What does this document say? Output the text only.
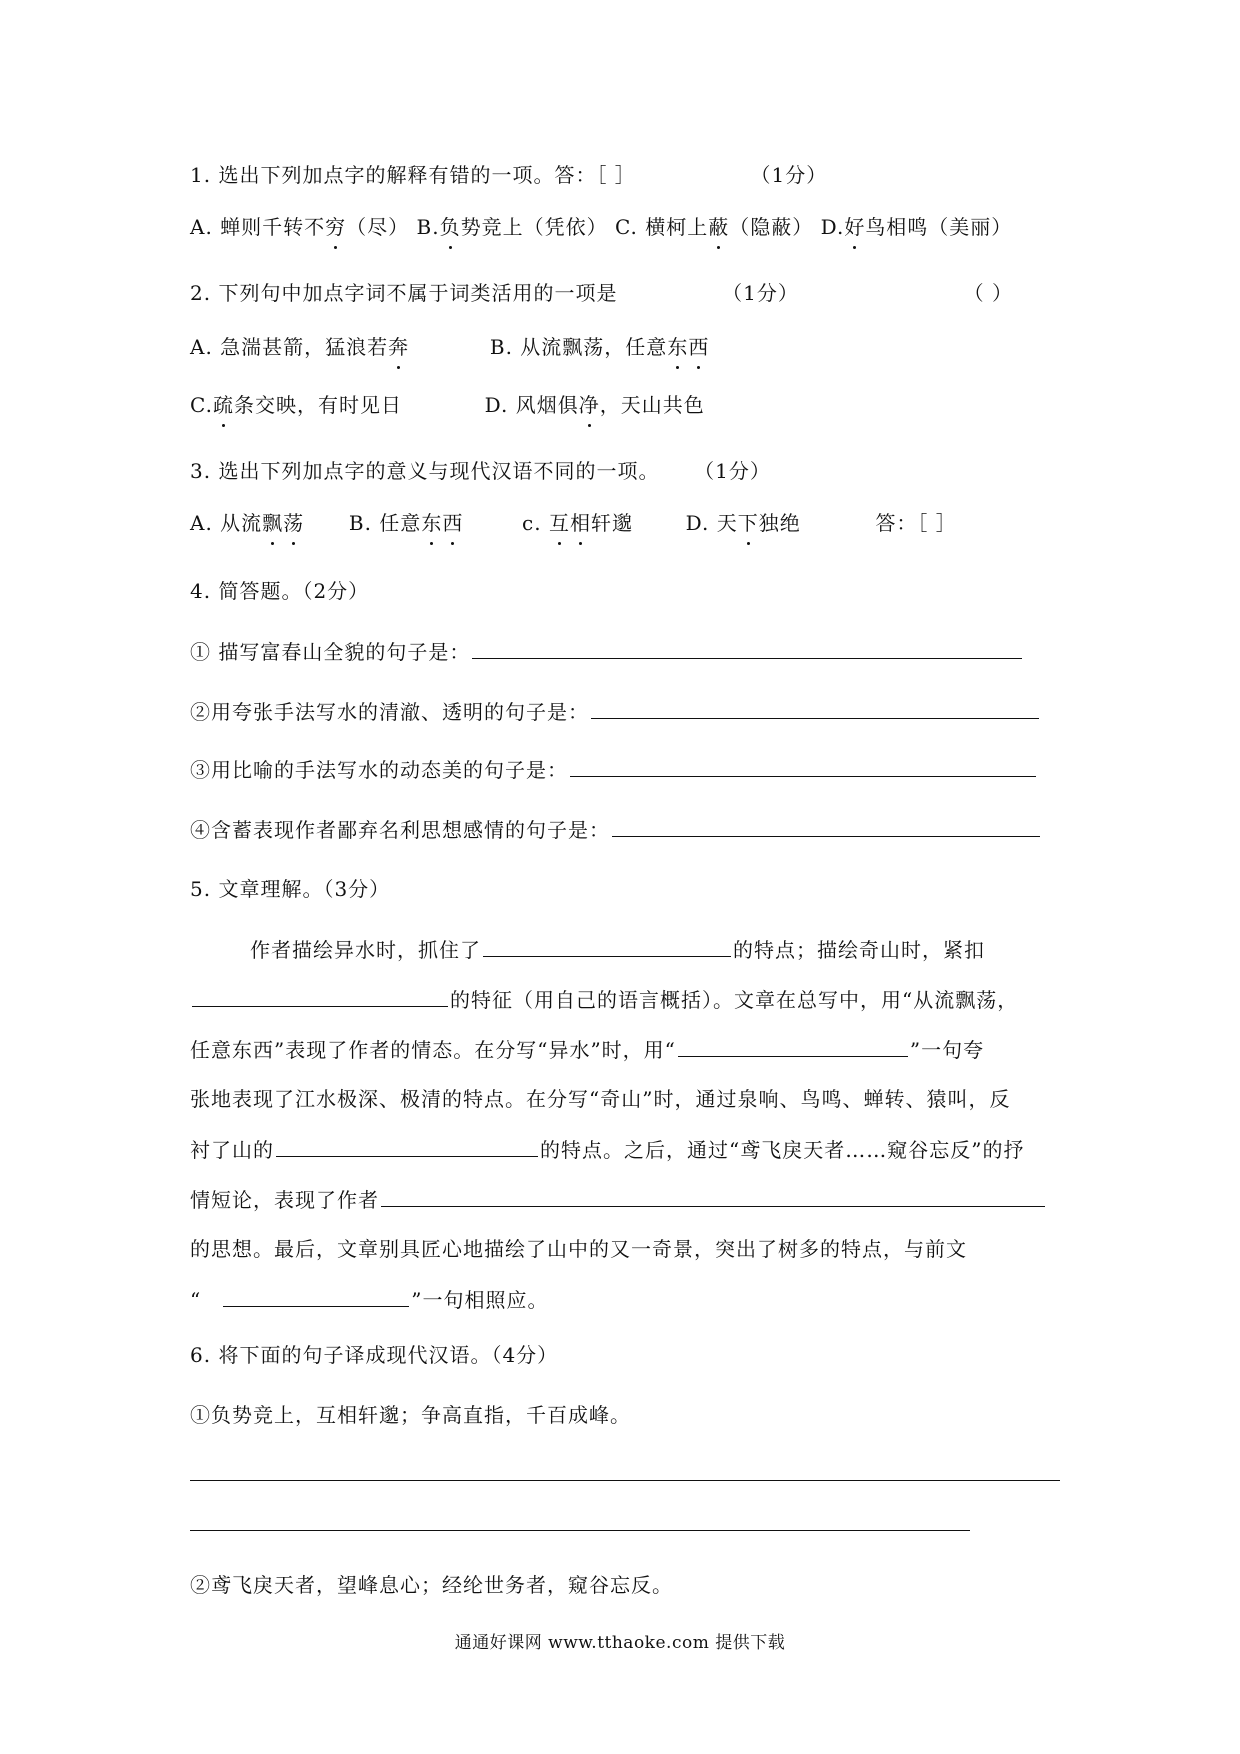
1. 选出下列加点字的解释有错的一项。答：［ ］	（1分）
A. 蝉则千转不穷（尽） B.负势竞上（凭依） C. 横柯上蔽（隐蔽） D.好鸟相鸣（美丽）
2. 下列句中加点字词不属于词类活用的一项是	（1分）	（ ）
A. 急湍甚箭，猛浪若奔	B. 从流飘荡，任意东西
C.疏条交映，有时见日	D. 风烟俱净，天山共色
3. 选出下列加点字的意义与现代汉语不同的一项。 （1分）
A. 从流飘荡 B. 任意东西	c. 互相轩邈	D. 天下独绝	答：［ ］
4. 简答题。（2分）
① 描写富春山全貌的句子是：
②用夸张手法写水的清澈、透明的句子是：
③用比喻的手法写水的动态美的句子是：
④含蓄表现作者鄙弃名利思想感情的句子是：
5. 文章理解。（3分）
作者描绘异水时，抓住了	的特点；描绘奇山时，紧扣
的特征（用自己的语言概括）。文章在总写中，用“从流飘荡，
任意东西”表现了作者的情态。在分写“异水”时，用“	”一句夸
张地表现了江水极深、极清的特点。在分写“奇山”时，通过泉响、鸟鸣、蝉转、猿叫，反
衬了山的	的特点。之后，通过“鸢飞戾天者……窥谷忘反”的抒
情短论，表现了作者
的思想。最后，文章别具匠心地描绘了山中的又一奇景，突出了树多的特点，与前文
“	”一句相照应。
6. 将下面的句子译成现代汉语。（4分）
①负势竞上，互相轩邈；争高直指，千百成峰。
②鸢飞戾天者，望峰息心；经纶世务者，窥谷忘反。
通通好课网 www.tthaoke.com 提供下载
